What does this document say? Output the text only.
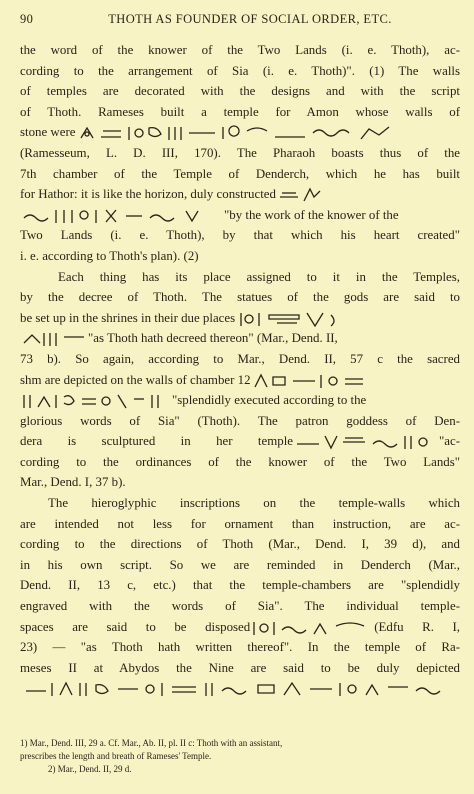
90	THOTH AS FOUNDER OF SOCIAL ORDER, ETC.
the word of the knower of the Two Lands (i. e. Thoth), ac-
cording to the arrangement of Sia (i. e. Thoth)". (1) The walls
of temples are decorated with the designs and with the script
of Thoth. Rameses built a temple for Amon whose walls of
stone were
(Ramesseum, L. D. III, 170). The Pharaoh boasts thus of the
7th chamber of the Temple of Denderch, which he has built
for Hathor: it is like the horizon, duly constructed
"by the work of the knower of the
Two Lands (i. e. Thoth), by that which his heart created"
i. e. according to Thoth's plan). (2)
Each thing has its place assigned to it in the Temples,
by the decree of Thoth. The statues of the gods are said to
be set up in the shrines in their due places
"as Thoth hath decreed thereon" (Mar., Dend. II,
73 b). So again, according to Mar., Dend. II, 57 c the sacred
shm are depicted on the walls of chamber 12
"splendidly executed according to the
glorious words of Sia" (Thoth). The patron goddess of Den-
dera is sculptured in her temple	"ac-
cording to the ordinances of the knower of the Two Lands"
Mar., Dend. I, 37 b).
The hieroglyphic inscriptions on the temple-walls which
are intended not less for ornament than instruction, are ac-
cording to the directions of Thoth (Mar., Dend. I, 39 d), and
in his own script. So we are reminded in Denderch (Mar.,
Dend. II, 13 c, etc.) that the temple-chambers are "splendidly
engraved with the words of Sia". The individual temple-
spaces are said to be disposed	(Edfu R. I,
23) — "as Thoth hath written thereof". In the temple of Ra-
meses II at Abydos the Nine are said to be duly depicted
1) Mar., Dend. III, 29 a. Cf. Mar., Ab. II, pl. II c: Thoth with an assistant,
prescribes the length and breath of Rameses' Temple.
2) Mar., Dend. II, 29 d.
